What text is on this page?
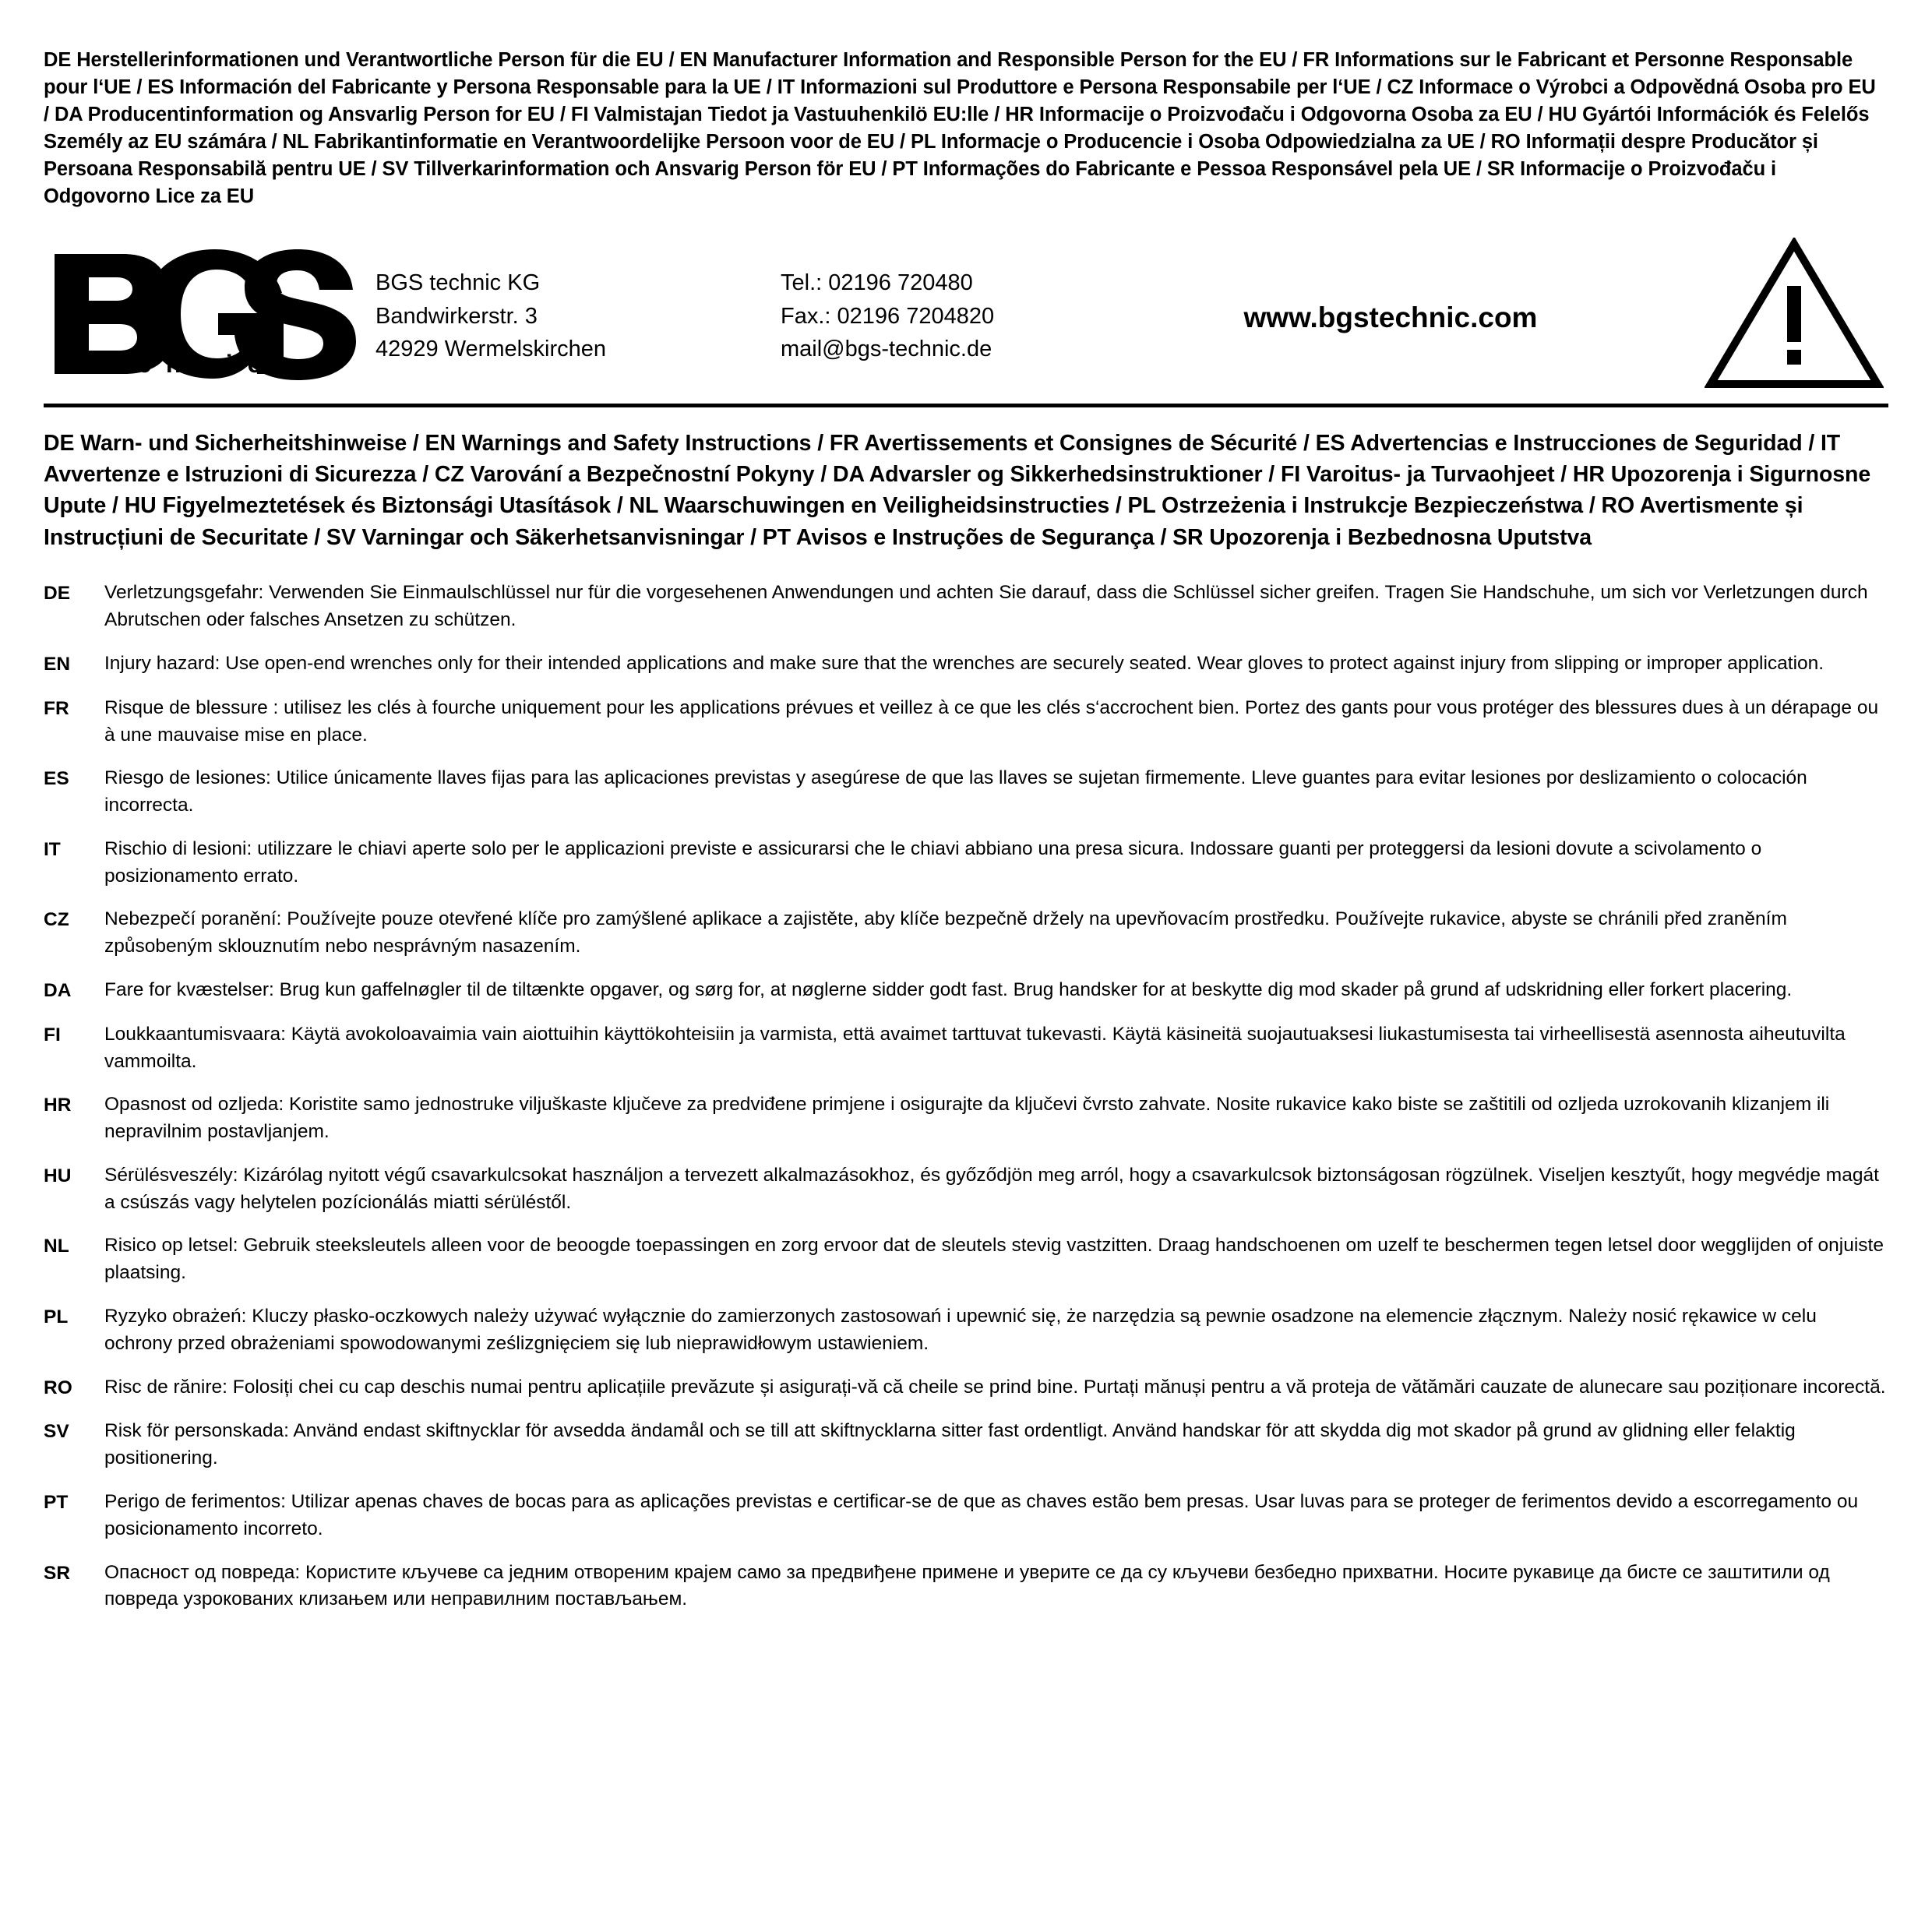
DE Herstellerinformationen und Verantwortliche Person für die EU / EN Manufacturer Information and Responsible Person for the EU / FR Informations sur le Fabricant et Personne Responsable pour l‘UE / ES Información del Fabricante y Persona Responsable para la UE / IT Informazioni sul Produttore e Persona Responsabile per l‘UE / CZ Informace o Výrobci a Odpovědná Osoba pro EU / DA Producentinformation og Ansvarlig Person for EU / FI Valmistajan Tiedot ja Vastuuhenkilö EU:lle / HR Informacije o Proizvođaču i Odgovorna Osoba za EU / HU Gyártói Információk és Felelős Személy az EU számára / NL Fabrikantinformatie en Verantwoordelijke Persoon voor de EU / PL Informacje o Producencie i Osoba Odpowiedzialna za UE / RO Informații despre Producător și Persoana Responsabilă pentru UE / SV Tillverkarinformation och Ansvarig Person för EU / PT Informações do Fabricante e Pessoa Responsável pela UE / SR Informacije o Proizvođaču i Odgovorno Lice za EU
®
t e c h n i c
BGS technic KG
Bandwirkerstr. 3
42929 Wermelskirchen
Tel.: 02196 720480
Fax.: 02196 7204820
mail@bgs-technic.de
www.bgstechnic.com
DE Warn- und Sicherheitshinweise / EN Warnings and Safety Instructions / FR Avertissements et Consignes de Sécurité / ES Advertencias e Instrucciones de Seguridad / IT Avvertenze e Istruzioni di Sicurezza / CZ Varování a Bezpečnostní Pokyny / DA Advarsler og Sikkerhedsinstruktioner / FI Varoitus- ja Turvaohjeet / HR Upozorenja i Sigurnosne Upute / HU Figyelmeztetések és Biztonsági Utasítások / NL Waarschuwingen en Veiligheidsinstructies / PL Ostrzeżenia i Instrukcje Bezpieczeństwa / RO Avertismente și Instrucțiuni de Securitate / SV Varningar och Säkerhetsanvisningar / PT Avisos e Instruções de Segurança / SR Upozorenja i Bezbednosna Uputstva
DE	Verletzungsgefahr: Verwenden Sie Einmaulschlüssel nur für die vorgesehenen Anwendungen und achten Sie darauf, dass die Schlüssel sicher greifen. Tragen Sie Handschuhe, um sich vor Verletzungen durch Abrutschen oder falsches Ansetzen zu schützen.
EN	Injury hazard: Use open-end wrenches only for their intended applications and make sure that the wrenches are securely seated. Wear gloves to protect against injury from slipping or improper application.
FR	Risque de blessure : utilisez les clés à fourche uniquement pour les applications prévues et veillez à ce que les clés s‘accrochent bien. Portez des gants pour vous protéger des blessures dues à un dérapage ou à une mauvaise mise en place.
ES	Riesgo de lesiones: Utilice únicamente llaves fijas para las aplicaciones previstas y asegúrese de que las llaves se sujetan firmemente. Lleve guantes para evitar lesiones por deslizamiento o colocación incorrecta.
IT	Rischio di lesioni: utilizzare le chiavi aperte solo per le applicazioni previste e assicurarsi che le chiavi abbiano una presa sicura. Indossare guanti per proteggersi da lesioni dovute a scivolamento o posizionamento errato.
CZ	Nebezpečí poranění: Používejte pouze otevřené klíče pro zamýšlené aplikace a zajistěte, aby klíče bezpečně držely na upevňovacím prostředku. Používejte rukavice, abyste se chránili před zraněním způsobeným sklouznutím nebo nesprávným nasazením.
DA	Fare for kvæstelser: Brug kun gaffelnøgler til de tiltænkte opgaver, og sørg for, at nøglerne sidder godt fast. Brug handsker for at beskytte dig mod skader på grund af udskridning eller forkert placering.
FI	Loukkaantumisvaara: Käytä avokoloavaimia vain aiottuihin käyttökohteisiin ja varmista, että avaimet tarttuvat tukevasti. Käytä käsineitä suojautuaksesi liukastumisesta tai virheellisestä asennosta aiheutuvilta vammoilta.
HR	Opasnost od ozljeda: Koristite samo jednostruke viljuškaste ključeve za predviđene primjene i osigurajte da ključevi čvrsto zahvate. Nosite rukavice kako biste se zaštitili od ozljeda uzrokovanih klizanjem ili nepravilnim postavljanjem.
HU	Sérülésveszély: Kizárólag nyitott végű csavarkulcsokat használjon a tervezett alkalmazásokhoz, és győződjön meg arról, hogy a csavarkulcsok biztonságosan rögzülnek. Viseljen kesztyűt, hogy megvédje magát a csúszás vagy helytelen pozícionálás miatti sérüléstől.
NL	Risico op letsel: Gebruik steeksleutels alleen voor de beoogde toepassingen en zorg ervoor dat de sleutels stevig vastzitten. Draag handschoenen om uzelf te beschermen tegen letsel door wegglijden of onjuiste plaatsing.
PL	Ryzyko obrażeń: Kluczy płasko-oczkowych należy używać wyłącznie do zamierzonych zastosowań i upewnić się, że narzędzia są pewnie osadzone na elemencie złącznym. Należy nosić rękawice w celu ochrony przed obrażeniami spowodowanymi ześlizgnięciem się lub nieprawidłowym ustawieniem.
RO	Risc de rănire: Folosiți chei cu cap deschis numai pentru aplicațiile prevăzute și asigurați-vă că cheile se prind bine. Purtați mănuși pentru a vă proteja de vătămări cauzate de alunecare sau poziționare incorectă.
SV	Risk för personskada: Använd endast skiftnycklar för avsedda ändamål och se till att skiftnycklarna sitter fast ordentligt. Använd handskar för att skydda dig mot skador på grund av glidning eller felaktig positionering.
PT	Perigo de ferimentos: Utilizar apenas chaves de bocas para as aplicações previstas e certificar-se de que as chaves estão bem presas. Usar luvas para se proteger de ferimentos devido a escorregamento ou posicionamento incorreto.
SR	Опасност од повреда: Користите кључеве са једним отвореним крајем само за предвиђене примене и уверите се да су кључеви безбедно прихватни. Носите рукавице да бисте се заштитили од повреда узрокованих клизањем или неправилним постављањем.
